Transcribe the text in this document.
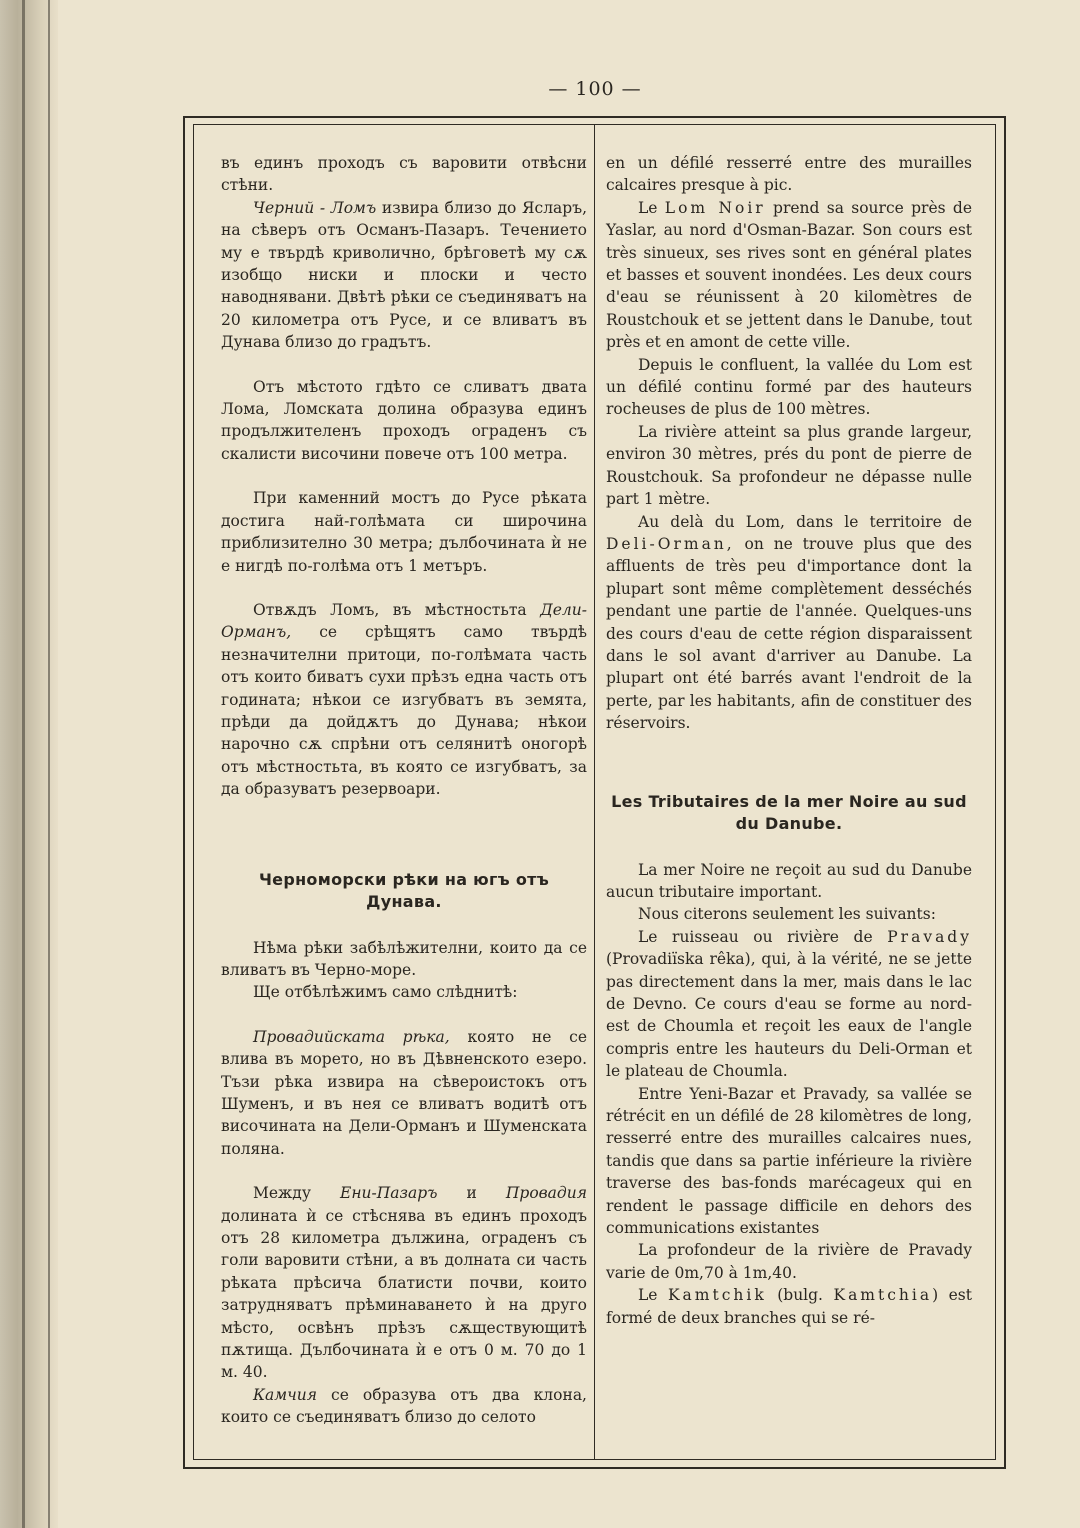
— 100 —

въ единъ проходъ съ варовити отвѣсни стѣни.

Черний - Ломъ извира близо до Ясларъ, на сѣверъ отъ Османъ-Пазаръ. Течението му е твърдѣ криволично, брѣговетѣ му сѫ изобщо ниски и плоски и често наводнявани. Двѣтѣ рѣки се съединяватъ на 20 километра отъ Русе, и се вливатъ въ Дунава близо до градътъ.

Отъ мѣстото гдѣто се сливатъ двата Лома, Ломската долина образува единъ продължителенъ проходъ ограденъ съ скалисти височини повече отъ 100 метра.

При каменний мостъ до Русе рѣката достига най-голѣмата си широчина приблизително 30 метра; дълбочината ѝ не е нигдѣ по-голѣма отъ 1 метъръ.

Отвѫдъ Ломъ, въ мѣстностьта Дели-Орманъ, се срѣщятъ само твърдѣ незначителни притоци, по-голѣмата часть отъ които биватъ сухи прѣзъ една часть отъ годината; нѣкои се изгубватъ въ земята, прѣди да дойдѫтъ до Дунава; нѣкои нарочно сѫ спрѣни отъ селянитѣ оногорѣ отъ мѣстностьта, въ която се изгубватъ, за да образуватъ резервоари.

Черноморски рѣки на югъ отъ Дунава.

Нѣма рѣки забѣлѣжителни, които да се вливатъ въ Черно-море.

Ще отбѣлѣжимъ само слѣднитѣ:

Провадийската рѣка, която не се влива въ морето, но въ Дѣвненското езеро. Тъзи рѣка извира на сѣвероистокъ отъ Шуменъ, и въ нея се вливатъ водитѣ отъ височината на Дели-Орманъ и Шуменската поляна.

Между Ени-Пазаръ и Провадия долината ѝ се стѣснява въ единъ проходъ отъ 28 километра дължина, ограденъ съ голи варовити стѣни, а въ долната си часть рѣката прѣсича блатисти почви, които затрудняватъ прѣминаването ѝ на друго мѣсто, освѣнъ прѣзъ сѫществующитѣ пѫтища. Дълбочината ѝ е отъ 0 м. 70 до 1 м. 40.

Камчия се образува отъ два клона, които се съединяватъ близо до селото

en un défilé resserré entre des murailles calcaires presque à pic.

Le Lom Noir prend sa source près de Yaslar, au nord d'Osman-Bazar. Son cours est très sinueux, ses rives sont en général plates et basses et souvent inondées. Les deux cours d'eau se réunissent à 20 kilomètres de Roustchouk et se jettent dans le Danube, tout près et en amont de cette ville.

Depuis le confluent, la vallée du Lom est un défilé continu formé par des hauteurs rocheuses de plus de 100 mètres.

La rivière atteint sa plus grande largeur, environ 30 mètres, prés du pont de pierre de Roustchouk. Sa profondeur ne dépasse nulle part 1 mètre.

Au delà du Lom, dans le territoire de Deli-Orman, on ne trouve plus que des affluents de très peu d'importance dont la plupart sont même complètement desséchés pendant une partie de l'année. Quelques-uns des cours d'eau de cette région disparaissent dans le sol avant d'arriver au Danube. La plupart ont été barrés avant l'endroit de la perte, par les habitants, afin de constituer des réservoirs.

Les Tributaires de la mer Noire au sud du Danube.

La mer Noire ne reçoit au sud du Danube aucun tributaire important.

Nous citerons seulement les suivants:

Le ruisseau ou rivière de Pravady (Provadiïska rêka), qui, à la vérité, ne se jette pas directement dans la mer, mais dans le lac de Devno. Ce cours d'eau se forme au nord-est de Choumla et reçoit les eaux de l'angle compris entre les hauteurs du Deli-Orman et le plateau de Choumla.

Entre Yeni-Bazar et Pravady, sa vallée se rétrécit en un défilé de 28 kilomètres de long, resserré entre des murailles calcaires nues, tandis que dans sa partie inférieure la rivière traverse des bas-fonds marécageux qui en rendent le passage difficile en dehors des communications existantes

La profondeur de la rivière de Pravady varie de 0m,70 à 1m,40.

Le Kamtchik (bulg. Kamtchia) est formé de deux branches qui se ré-
